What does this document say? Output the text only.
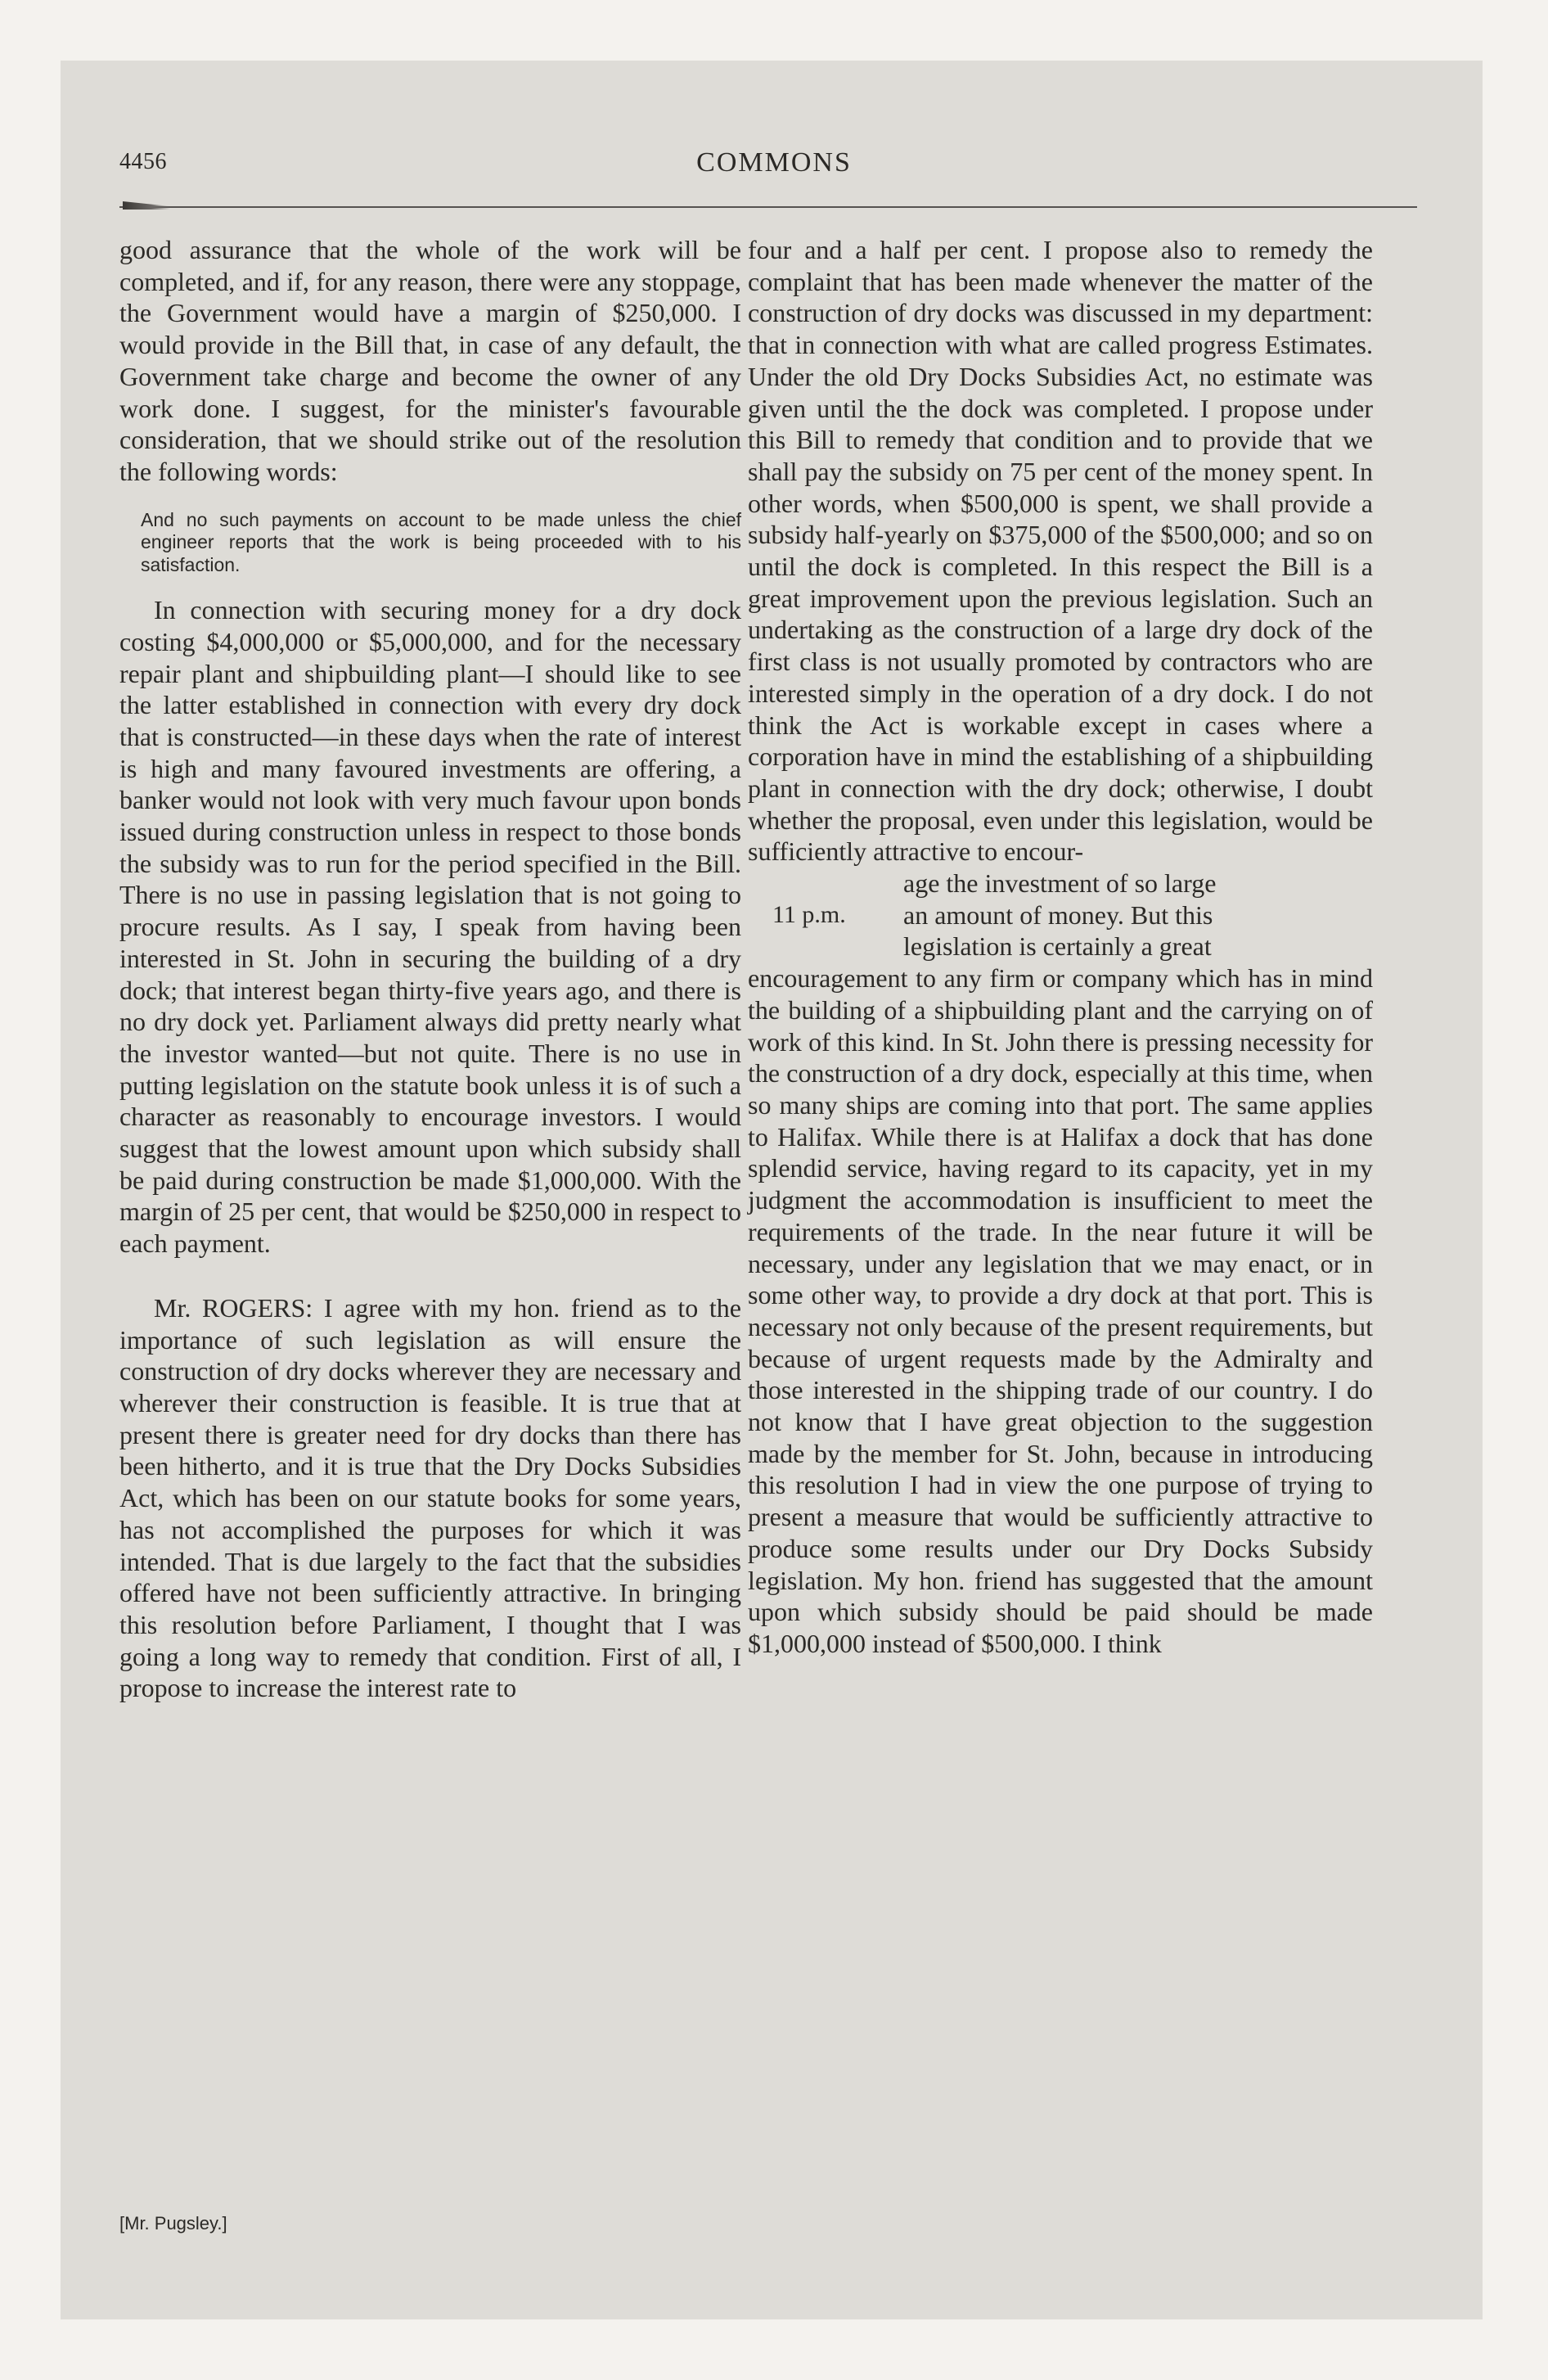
4456	COMMONS

good assurance that the whole of the work will be completed, and if, for any reason, there were any stoppage, the Government would have a margin of $250,000. I would provide in the Bill that, in case of any default, the Government take charge and become the owner of any work done. I suggest, for the minister's favourable consideration, that we should strike out of the resolution the following words:

And no such payments on account to be made unless the chief engineer reports that the work is being proceeded with to his satisfaction.

In connection with securing money for a dry dock costing $4,000,000 or $5,000,000, and for the necessary repair plant and shipbuilding plant—I should like to see the latter established in connection with every dry dock that is constructed—in these days when the rate of interest is high and many favoured investments are offering, a banker would not look with very much favour upon bonds issued during construction unless in respect to those bonds the subsidy was to run for the period specified in the Bill. There is no use in passing legislation that is not going to procure results. As I say, I speak from having been interested in St. John in securing the building of a dry dock; that interest began thirty-five years ago, and there is no dry dock yet. Parliament always did pretty nearly what the investor wanted—but not quite. There is no use in putting legislation on the statute book unless it is of such a character as reasonably to encourage investors. I would suggest that the lowest amount upon which subsidy shall be paid during construction be made $1,000,000. With the margin of 25 per cent, that would be $250,000 in respect to each payment.

Mr. ROGERS: I agree with my hon. friend as to the importance of such legislation as will ensure the construction of dry docks wherever they are necessary and wherever their construction is feasible. It is true that at present there is greater need for dry docks than there has been hitherto, and it is true that the Dry Docks Subsidies Act, which has been on our statute books for some years, has not accomplished the purposes for which it was intended. That is due largely to the fact that the subsidies offered have not been sufficiently attractive. In bringing this resolution before Parliament, I thought that I was going a long way to remedy that condition. First of all, I propose to increase the interest rate to

four and a half per cent. I propose also to remedy the complaint that has been made whenever the matter of the construction of dry docks was discussed in my department: that in connection with what are called progress Estimates. Under the old Dry Docks Subsidies Act, no estimate was given until the the dock was completed. I propose under this Bill to remedy that condition and to provide that we shall pay the subsidy on 75 per cent of the money spent. In other words, when $500,000 is spent, we shall provide a subsidy half-yearly on $375,000 of the $500,000; and so on until the dock is completed. In this respect the Bill is a great improvement upon the previous legislation. Such an undertaking as the construction of a large dry dock of the first class is not usually promoted by contractors who are interested simply in the operation of a dry dock. I do not think the Act is workable except in cases where a corporation have in mind the establishing of a shipbuilding plant in connection with the dry dock; otherwise, I doubt whether the proposal, even under this legislation, would be sufficiently attractive to encour-

11 p.m.

age the investment of so large

an amount of money. But this

legislation is certainly a great

encouragement to any firm or company which has in mind the building of a shipbuilding plant and the carrying on of work of this kind. In St. John there is pressing necessity for the construction of a dry dock, especially at this time, when so many ships are coming into that port. The same applies to Halifax. While there is at Halifax a dock that has done splendid service, having regard to its capacity, yet in my judgment the accommodation is insufficient to meet the requirements of the trade. In the near future it will be necessary, under any legislation that we may enact, or in some other way, to provide a dry dock at that port. This is necessary not only because of the present requirements, but because of urgent requests made by the Admiralty and those interested in the shipping trade of our country. I do not know that I have great objection to the suggestion made by the member for St. John, because in introducing this resolution I had in view the one purpose of trying to present a measure that would be sufficiently attractive to produce some results under our Dry Docks Subsidy legislation. My hon. friend has suggested that the amount upon which subsidy should be paid should be made $1,000,000 instead of $500,000. I think

[Mr. Pugsley.]
